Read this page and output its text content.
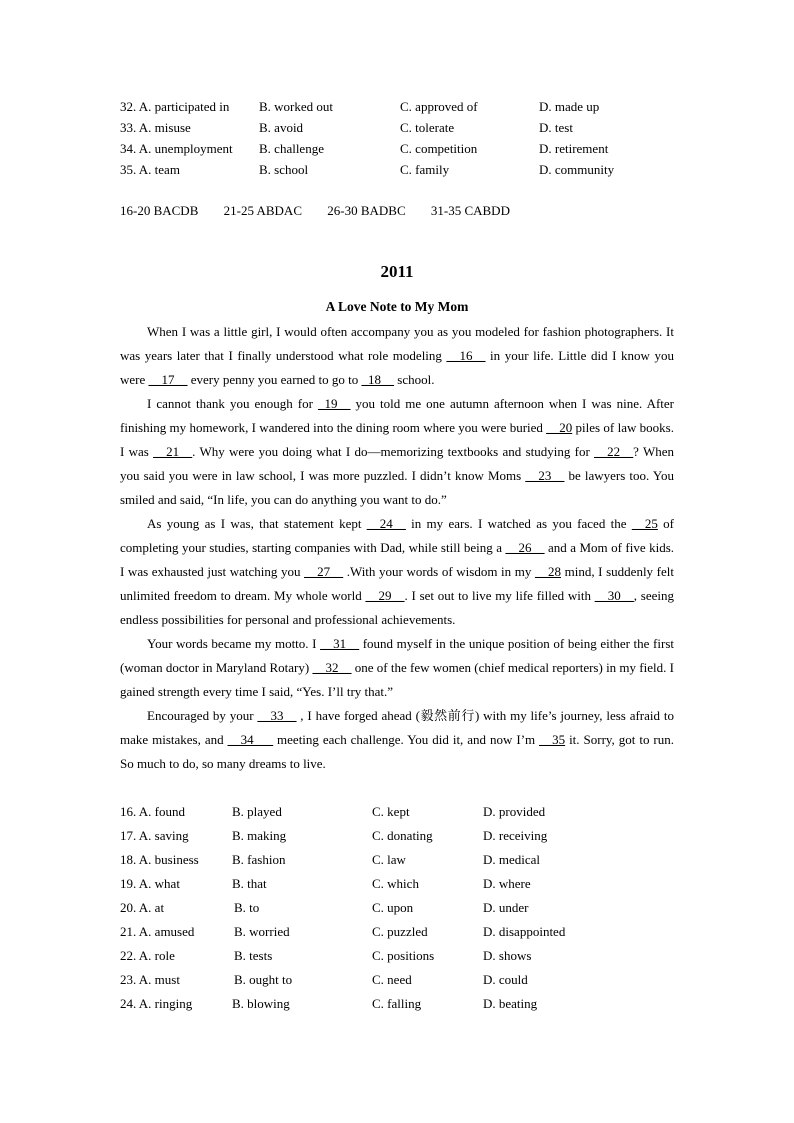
32. A. participated in B. worked out	C. approved of	D. made up
33. A. misuse	B. avoid	C. tolerate	D. test
34. A. unemployment B. challenge	C. competition	D. retirement
35. A. team	B. school	C. family	D. community
16-20 BACDB 21-25 ABDAC 26-30 BADBC 31-35 CABDD
2011
A Love Note to My Mom

When I was a little girl, I would often accompany you as you modeled for fashion photographers. It was years later that I finally understood what role modeling __16__ in your life. Little did I know you were __17__ every penny you earned to go to _18__ school.

I cannot thank you enough for _19__ you told me one autumn afternoon when I was nine. After finishing my homework, I wandered into the dining room where you were buried __20 piles of law books. I was __21__. Why were you doing what I do—memorizing textbooks and studying for __22__? When you said you were in law school, I was more puzzled. I didn’t know Moms __23__ be lawyers too. You smiled and said, “In life, you can do anything you want to do.”

As young as I was, that statement kept __24__ in my ears. I watched as you faced the __25 of completing your studies, starting companies with Dad, while still being a __26__ and a Mom of five kids. I was exhausted just watching you __27__ .With your words of wisdom in my __28 mind, I suddenly felt unlimited freedom to dream. My whole world __29__. I set out to live my life filled with __30__, seeing endless possibilities for personal and professional achievements.

Your words became my motto. I __31__ found myself in the unique position of being either the first (woman doctor in Maryland Rotary) __32__ one of the few women (chief medical reporters) in my field. I gained strength every time I said, “Yes. I’ll try that.”

Encouraged by your __33__ , I have forged ahead (毅然前行) with my life’s journey, less afraid to make mistakes, and __34___ meeting each challenge. You did it, and now I’m __35 it. Sorry, got to run. So much to do, so many dreams to live.

16. A. found	B. played	C. kept	D. provided
17. A. saving	B. making	C. donating	D. receiving
18. A. business	B. fashion	C. law	D. medical
19. A. what	B. that	C. which	D. where
20. A. at	B. to	C. upon	D. under
21. A. amused	B. worried	C. puzzled	D. disappointed
22. A. role	B. tests	C. positions	D. shows
23. A. must	B. ought to	C. need	D. could
24. A. ringing	B. blowing	C. falling	D. beating
